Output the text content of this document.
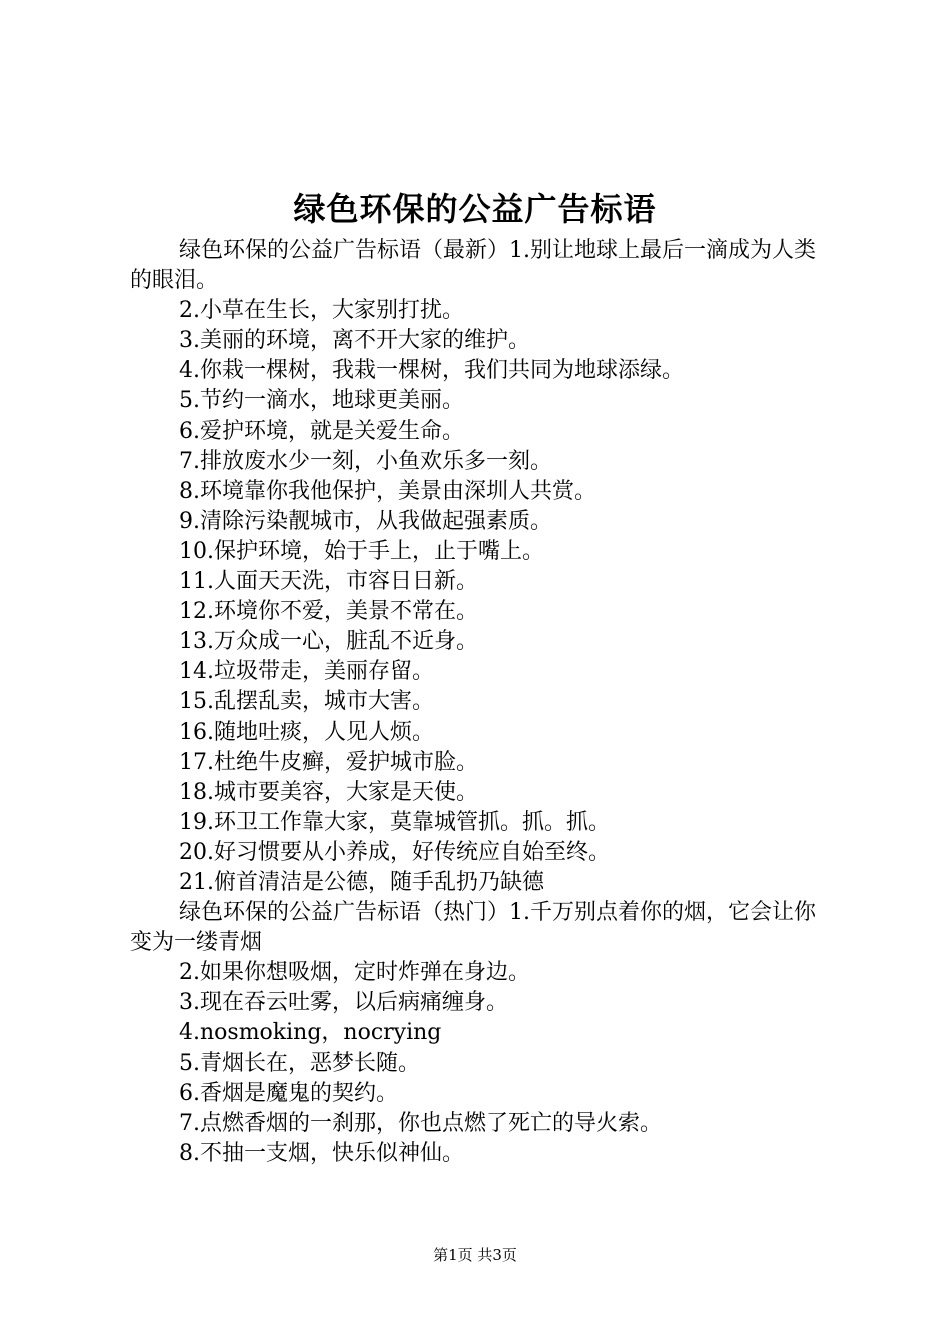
绿色环保的公益广告标语

绿色环保的公益广告标语（最新）1.别让地球上最后一滴成为人类的眼泪。

2.小草在生长，大家别打扰。

3.美丽的环境，离不开大家的维护。

4.你栽一棵树，我栽一棵树，我们共同为地球添绿。

5.节约一滴水，地球更美丽。

6.爱护环境，就是关爱生命。

7.排放废水少一刻，小鱼欢乐多一刻。

8.环境靠你我他保护，美景由深圳人共赏。

9.清除污染靓城市，从我做起强素质。

10.保护环境，始于手上，止于嘴上。

11.人面天天洗，市容日日新。

12.环境你不爱，美景不常在。

13.万众成一心，脏乱不近身。

14.垃圾带走，美丽存留。

15.乱摆乱卖，城市大害。

16.随地吐痰，人见人烦。

17.杜绝牛皮癣，爱护城市脸。

18.城市要美容，大家是天使。

19.环卫工作靠大家，莫靠城管抓。抓。抓。

20.好习惯要从小养成，好传统应自始至终。

21.俯首清洁是公德，随手乱扔乃缺德

绿色环保的公益广告标语（热门）1.千万别点着你的烟，它会让你变为一缕青烟

2.如果你想吸烟，定时炸弹在身边。

3.现在吞云吐雾，以后病痛缠身。

4.nosmoking，nocrying

5.青烟长在，恶梦长随。

6.香烟是魔鬼的契约。

7.点燃香烟的一刹那，你也点燃了死亡的导火索。

8.不抽一支烟，快乐似神仙。

第1页 共3页
